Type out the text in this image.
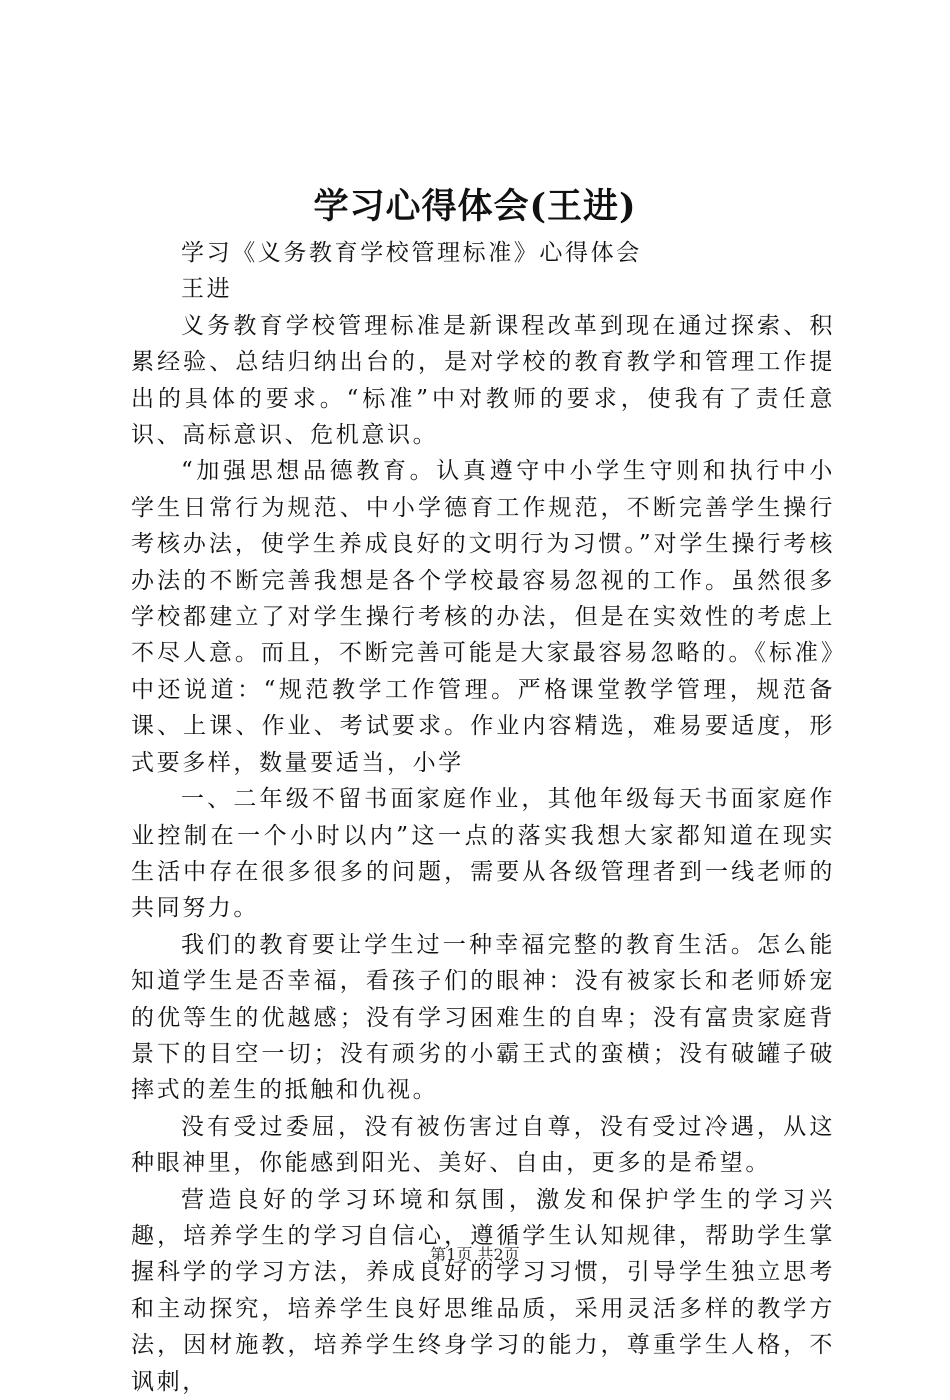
学习心得体会(王进)

学习《义务教育学校管理标准》心得体会

王进

义务教育学校管理标准是新课程改革到现在通过探索、积累经验、总结归纳出台的，是对学校的教育教学和管理工作提出的具体的要求。“标准”中对教师的要求，使我有了责任意识、高标意识、危机意识。

“加强思想品德教育。认真遵守中小学生守则和执行中小学生日常行为规范、中小学德育工作规范，不断完善学生操行考核办法，使学生养成良好的文明行为习惯。”对学生操行考核办法的不断完善我想是各个学校最容易忽视的工作。虽然很多学校都建立了对学生操行考核的办法，但是在实效性的考虑上不尽人意。而且，不断完善可能是大家最容易忽略的。《标准》中还说道：“规范教学工作管理。严格课堂教学管理，规范备课、上课、作业、考试要求。作业内容精选，难易要适度，形式要多样，数量要适当，小学

一、二年级不留书面家庭作业，其他年级每天书面家庭作业控制在一个小时以内”这一点的落实我想大家都知道在现实生活中存在很多很多的问题，需要从各级管理者到一线老师的共同努力。

我们的教育要让学生过一种幸福完整的教育生活。怎么能知道学生是否幸福，看孩子们的眼神：没有被家长和老师娇宠的优等生的优越感；没有学习困难生的自卑；没有富贵家庭背景下的目空一切；没有顽劣的小霸王式的蛮横；没有破罐子破摔式的差生的抵触和仇视。

没有受过委屈，没有被伤害过自尊，没有受过冷遇，从这种眼神里，你能感到阳光、美好、自由，更多的是希望。

营造良好的学习环境和氛围，激发和保护学生的学习兴趣，培养学生的学习自信心，遵循学生认知规律，帮助学生掌握科学的学习方法，养成良好的学习习惯，引导学生独立思考和主动探究，培养学生良好思维品质，采用灵活多样的教学方法，因材施教，培养学生终身学习的能力，尊重学生人格，不讽刺，

第1页 共2页
